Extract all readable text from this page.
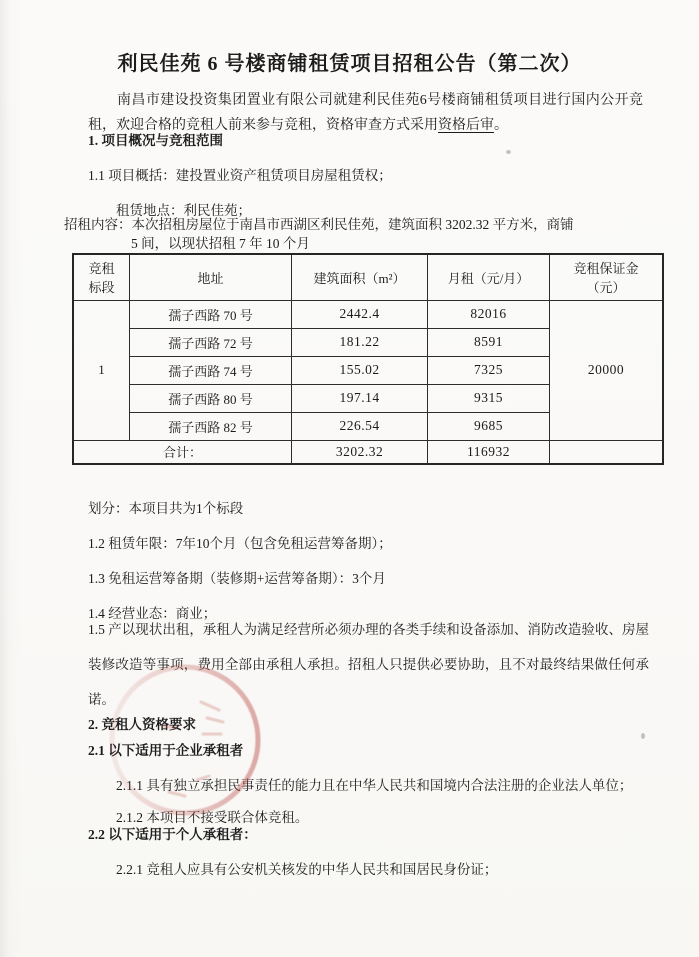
利民佳苑 6 号楼商铺租赁项目招租公告（第二次）

南昌市建设投资集团置业有限公司就建利民佳苑6号楼商铺租赁项目进行国内公开竞租，欢迎合格的竞租人前来参与竞租，资格审查方式采用资格后审。

1. 项目概况与竞租范围
1.1 项目概括：建投置业资产租赁项目房屋租赁权；
租赁地点：利民佳苑；
招租内容：本次招租房屋位于南昌市西湖区利民佳苑，建筑面积 3202.32 平方米，商铺
5 间，以现状招租 7 年 10 个月
竞租
标段	地址	建筑面积（m²）	月租（元/月）	竞租保证金
（元）
1	孺子西路 70 号	2442.4	82016	20000
	孺子西路 72 号	181.22	8591	
	孺子西路 74 号	155.02	7325	
	孺子西路 80 号	197.14	9315	
	孺子西路 82 号	226.54	9685	
合计：		3202.32	116932	
划分：本项目共为1个标段
1.2 租赁年限：7年10个月（包含免租运营筹备期）；
1.3 免租运营筹备期（装修期+运营筹备期）：3个月
1.4 经营业态：商业；
1.5 产以现状出租，承租人为满足经营所必须办理的各类手续和设备添加、消防改造验收、房屋装修改造等事项，费用全部由承租人承担。招租人只提供必要协助，且不对最终结果做任何承诺。
2. 竞租人资格要求
2.1 以下适用于企业承租者
2.1.1 具有独立承担民事责任的能力且在中华人民共和国境内合法注册的企业法人单位；
2.1.2 本项目不接受联合体竞租。
2.2 以下适用于个人承租者：
2.2.1 竞租人应具有公安机关核发的中华人民共和国居民身份证；
